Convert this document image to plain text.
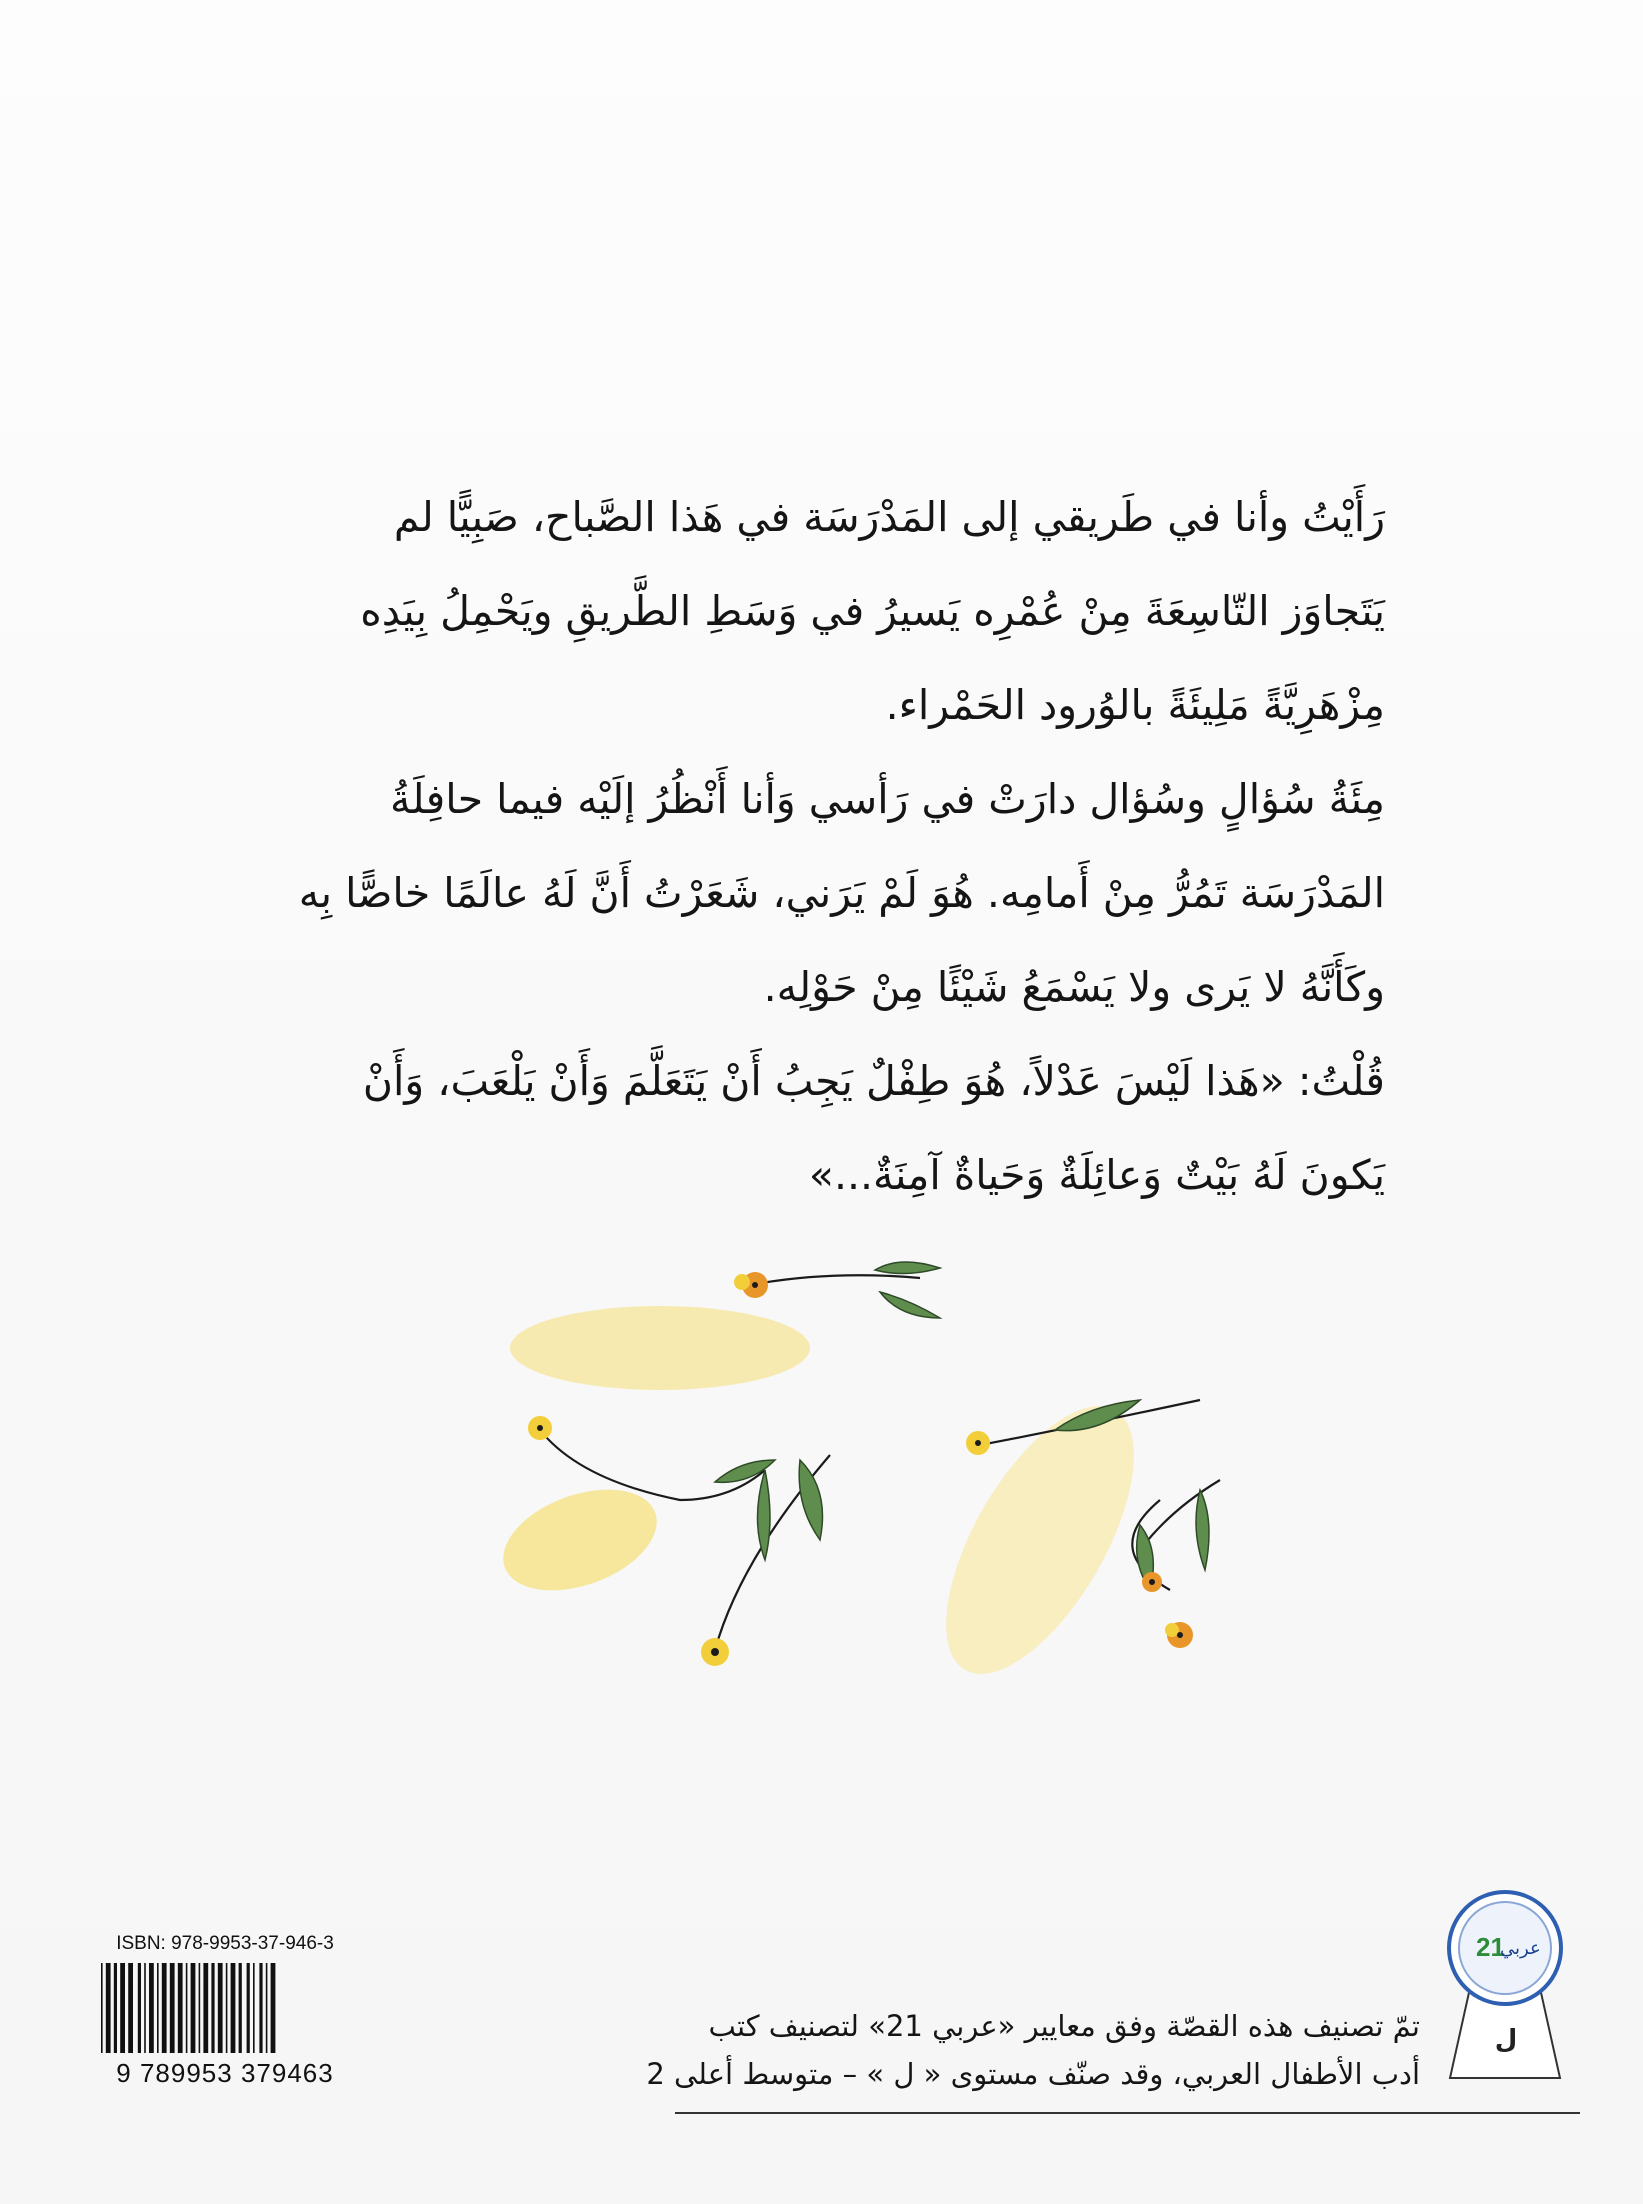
رَأَيْتُ وأنا في طَريقي إلى المَدْرَسَة في هَذا الصَّباح، صَبِيًّا لم

يَتَجاوَز التّاسِعَةَ مِنْ عُمْرِه يَسيرُ في وَسَطِ الطَّريقِ ويَحْمِلُ بِيَدِه

مِزْهَرِيَّةً مَلِيئَةً بالوُرود الحَمْراء.

مِئَةُ سُؤالٍ وسُؤال دارَتْ في رَأسي وَأنا أَنْظُرُ إلَيْه فيما حافِلَةُ

المَدْرَسَة تَمُرُّ مِنْ أَمامِه. هُوَ لَمْ يَرَني، شَعَرْتُ أَنَّ لَهُ عالَمًا خاصًّا بِه

وكَأَنَّهُ لا يَرى ولا يَسْمَعُ شَيْئًا مِنْ حَوْلِه.

قُلْتُ: «هَذا لَيْسَ عَدْلاً، هُوَ طِفْلٌ يَجِبُ أَنْ يَتَعَلَّمَ وَأَنْ يَلْعَبَ، وَأَنْ

يَكونَ لَهُ بَيْتٌ وَعائِلَةٌ وَحَياةٌ آمِنَةٌ...»

ISBN: 978-9953-37-946-3
9 789953 379463
21
عربي
ل

تمّ تصنيف هذه القصّة وفق معايير «عربي 21» لتصنيف كتب

أدب الأطفال العربي، وقد صنّف مستوى « ل » – متوسط أعلى 2
